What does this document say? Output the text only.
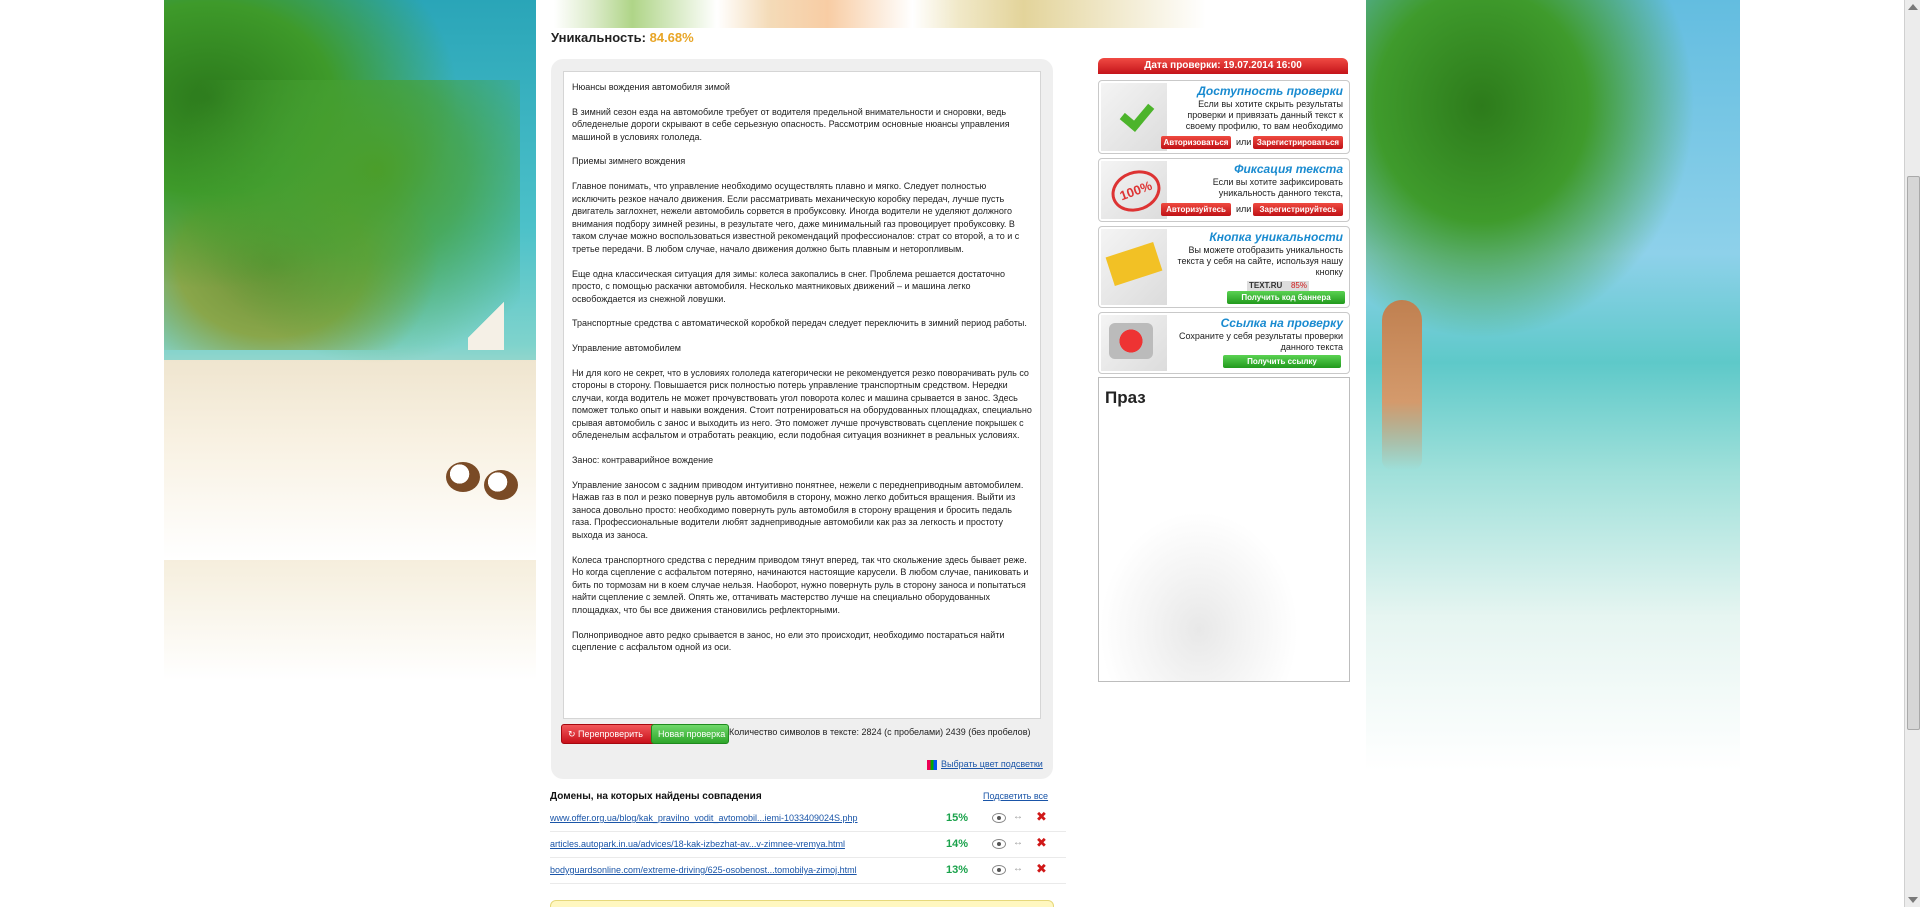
Уникальность: 84.68%

Нюансы вождения автомобиля зимой

В зимний сезон езда на автомобиле требует от водителя предельной внимательности и сноровки, ведь обледенелые дороги скрывают в себе серьезную опасность. Рассмотрим основные нюансы управления машиной в условиях гололеда.

Приемы зимнего вождения

Главное понимать, что управление необходимо осуществлять плавно и мягко. Следует полностью исключить резкое начало движения. Если рассматривать механическую коробку передач, лучше пусть двигатель заглохнет, нежели автомобиль сорвется в пробуксовку. Иногда водители не уделяют должного внимания подбору зимней резины, в результате чего, даже минимальный газ провоцирует пробуксовку. В таком случае можно воспользоваться известной рекомендаций профессионалов: страт со второй, а то и с третье передачи. В любом случае, начало движения должно быть плавным и неторопливым.

Еще одна классическая ситуация для зимы: колеса закопались в снег. Проблема решается достаточно просто, с помощью раскачки автомобиля. Несколько маятниковых движений – и машина легко освобождается из снежной ловушки.

Транспортные средства с автоматической коробкой передач следует переключить в зимний период работы.

Управление автомобилем

Ни для кого не секрет, что в условиях гололеда категорически не рекомендуется резко поворачивать руль со стороны в сторону. Повышается риск полностью потерь управление транспортным средством. Нередки случаи, когда водитель не может прочувствовать угол поворота колес и машина срывается в занос. Здесь поможет только опыт и навыки вождения. Стоит потренироваться на оборудованных площадках, специально срывая автомобиль с занос и выходить из него. Это поможет лучше прочувствовать сцепление покрышек с обледенелым асфальтом и отработать реакцию, если подобная ситуация возникнет в реальных условиях.

Занос: контраварийное вождение

Управление заносом с задним приводом интуитивно понятнее, нежели с переднеприводным автомобилем. Нажав газ в пол и резко повернув руль автомобиля в сторону, можно легко добиться вращения. Выйти из заноса довольно просто: необходимо повернуть руль автомобиля в сторону вращения и бросить педаль газа. Профессиональные водители любят заднеприводные автомобили как раз за легкость и простоту выхода из заноса.

Колеса транспортного средства с передним приводом тянут вперед, так что скольжение здесь бывает реже. Но когда сцепление с асфальтом потеряно, начинаются настоящие карусели. В любом случае, паниковать и бить по тормозам ни в коем случае нельзя. Наоборот, нужно повернуть руль в сторону заноса и попытаться найти сцепление с землей. Опять же, оттачивать мастерство лучше на специально оборудованных площадках, что бы все движения становились рефлекторными.

Полноприводное авто редко срывается в занос, но ели это происходит, необходимо постараться найти сцепление с асфальтом одной из оси.

↻ Перепроверить	Новая проверка Количество символов в тексте: 2824 (с пробелами) 2439 (без пробелов)
Выбрать цвет подсветки
Домены, на которых найдены совпадения	Подсветить все
www.offer.org.ua/blog/kak_pravilno_vodit_avtomobil...iemi-1033409024S.php	15%	↔ ✖
articles.autopark.in.ua/advices/18-kak-izbezhat-av...v-zimnee-vremya.html	14%	↔ ✖
bodyguardsonline.com/extreme-driving/625-osobenost...tomobilya-zimoj.html	13%	↔ ✖
Дата проверки: 19.07.2014 16:00
Доступность проверки
Если вы хотите скрыть результаты проверки и привязать данный текст к своему профилю, то вам необходимо
Авторизоваться или Зарегистрироваться
100%
Фиксация текста
Если вы хотите зафиксировать уникальность данного текста,
Авторизуйтесь	или	Зарегистрируйтесь
Кнопка уникальности
Вы можете отобразить уникальность текста у себя на сайте, используя нашу кнопку
85%
TEXT.RU
Получить код баннера
Ссылка на проверку
Сохраните у себя результаты проверки данного текста
Получить ссылку
Праз
